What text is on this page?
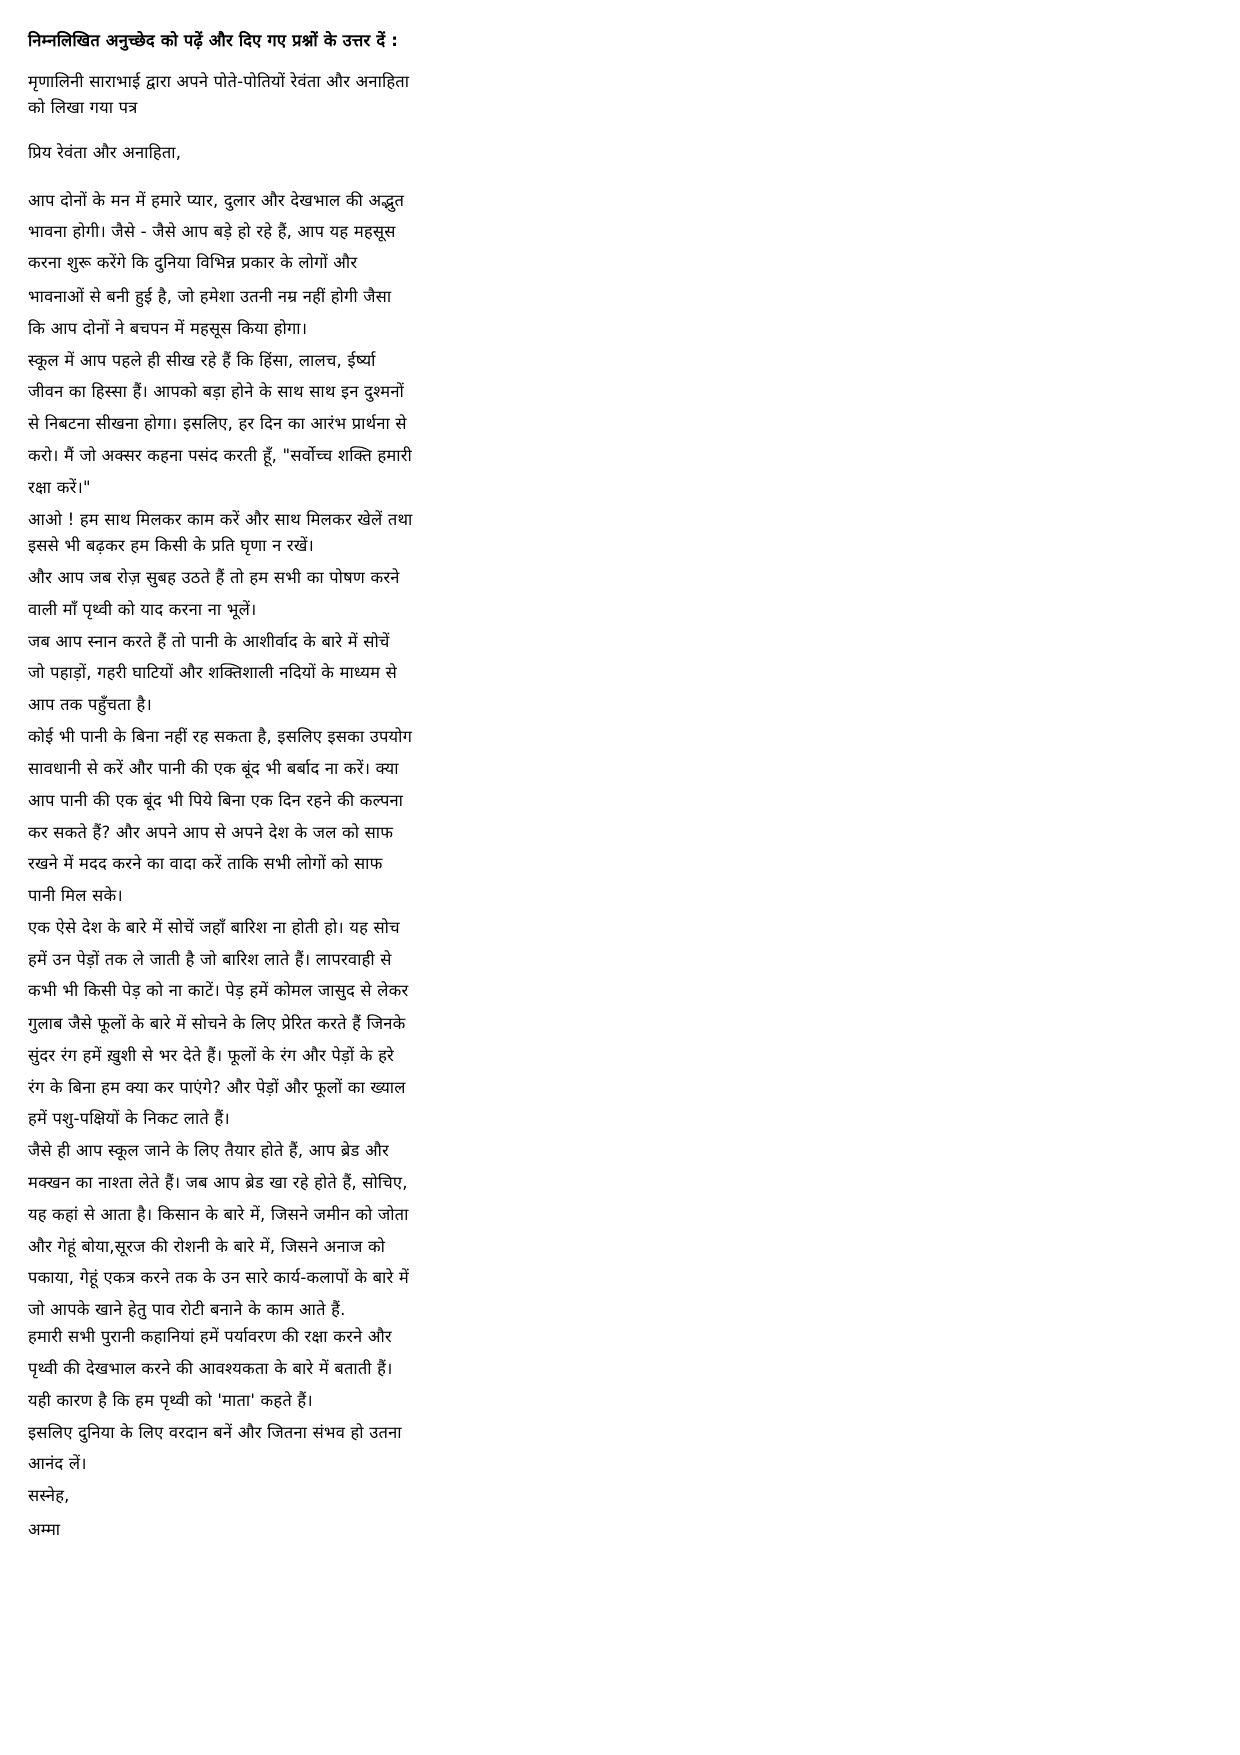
निम्नलिखित अनुच्छेद को पढ़ें और दिए गए प्रश्नों के उत्तर दें :
मृणालिनी साराभाई द्वारा अपने पोते-पोतियों रेवंता और अनाहिता
को लिखा गया पत्र
प्रिय रेवंता और अनाहिता,
आप दोनों के मन में हमारे प्यार, दुलार और देखभाल की अद्भुत
भावना होगी। जैसे - जैसे आप बड़े हो रहे हैं, आप यह महसूस
करना शुरू करेंगे कि दुनिया विभिन्न प्रकार के लोगों और
भावनाओं से बनी हुई है, जो हमेशा उतनी नम्र नहीं होगी जैसा
कि आप दोनों ने बचपन में महसूस किया होगा।
स्कूल में आप पहले ही सीख रहे हैं कि हिंसा, लालच, ईर्ष्या
जीवन का हिस्सा हैं। आपको बड़ा होने के साथ साथ इन दुश्मनों
से निबटना सीखना होगा। इसलिए, हर दिन का आरंभ प्रार्थना से
करो। मैं जो अक्सर कहना पसंद करती हूँ, "सर्वोच्च शक्ति हमारी
रक्षा करें।"
आओ ! हम साथ मिलकर काम करें और साथ मिलकर खेलें तथा
इससे भी बढ़कर हम किसी के प्रति घृणा न रखें।
और आप जब रोज़ सुबह उठते हैं तो हम सभी का पोषण करने
वाली माँ पृथ्वी को याद करना ना भूलें।
जब आप स्नान करते हैं तो पानी के आशीर्वाद के बारे में सोचें
जो पहाड़ों, गहरी घाटियों और शक्तिशाली नदियों के माध्यम से
आप तक पहुँचता है।
कोई भी पानी के बिना नहीं रह सकता है, इसलिए इसका उपयोग
सावधानी से करें और पानी की एक बूंद भी बर्बाद ना करें। क्या
आप पानी की एक बूंद भी पिये बिना एक दिन रहने की कल्पना
कर सकते हैं? और अपने आप से अपने देश के जल को साफ
रखने में मदद करने का वादा करें ताकि सभी लोगों को साफ
पानी मिल सके।
एक ऐसे देश के बारे में सोचें जहाँ बारिश ना होती हो। यह सोच
हमें उन पेड़ों तक ले जाती है जो बारिश लाते हैं। लापरवाही से
कभी भी किसी पेड़ को ना काटें। पेड़ हमें कोमल जासुद से लेकर
गुलाब जैसे फूलों के बारे में सोचने के लिए प्रेरित करते हैं जिनके
सुंदर रंग हमें ख़ुशी से भर देते हैं। फूलों के रंग और पेड़ों के हरे
रंग के बिना हम क्या कर पाएंगे? और पेड़ों और फूलों का ख्याल
हमें पशु-पक्षियों के निकट लाते हैं।
जैसे ही आप स्कूल जाने के लिए तैयार होते हैं, आप ब्रेड और
मक्खन का नाश्ता लेते हैं। जब आप ब्रेड खा रहे होते हैं, सोचिए,
यह कहां से आता है। किसान के बारे में, जिसने जमीन को जोता
और गेहूं बोया,सूरज की रोशनी के बारे में, जिसने अनाज को
पकाया, गेहूं एकत्र करने तक के उन सारे कार्य-कलापों के बारे में
जो आपके खाने हेतु पाव रोटी बनाने के काम आते हैं.
हमारी सभी पुरानी कहानियां हमें पर्यावरण की रक्षा करने और
पृथ्वी की देखभाल करने की आवश्यकता के बारे में बताती हैं।
यही कारण है कि हम पृथ्वी को 'माता' कहते हैं।
इसलिए दुनिया के लिए वरदान बनें और जितना संभव हो उतना
आनंद लें।
सस्नेह,
अम्मा
